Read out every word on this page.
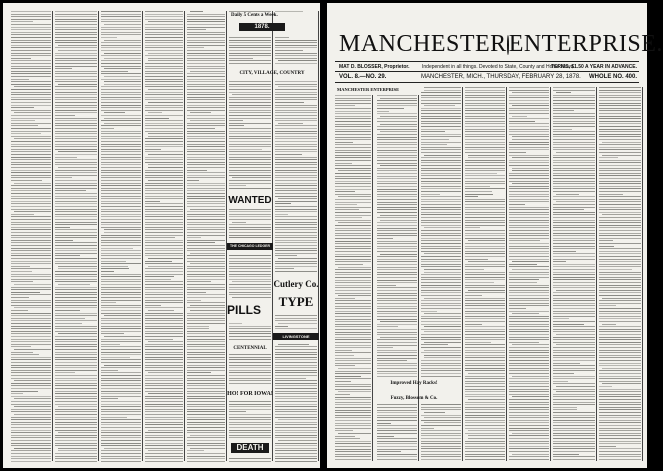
Daily 5 Cents a Week.
1878.
CITY, VILLAGE, COUNTRY
WANTED
THE CHICAGO LEDGER
Cutlery Co.
TYPE
PILLS
LIVINGSTONE
CENTENNIAL
HO! FOR IOWA!
DEATH
MANCHESTER ENTERPRISE.
MAT D. BLOSSER, Proprietor.	Independent in all things. Devoted to State, County and Home News.
TERMS, $1.50 A YEAR IN ADVANCE.
VOL. 8.—NO. 29.	MANCHESTER, MICH., THURSDAY, FEBRUARY 28, 1878. WHOLE NO. 400.
MANCHESTER ENTERPRISE
Improved Hay Racks!
Fuzzy, Blossom & Co.
